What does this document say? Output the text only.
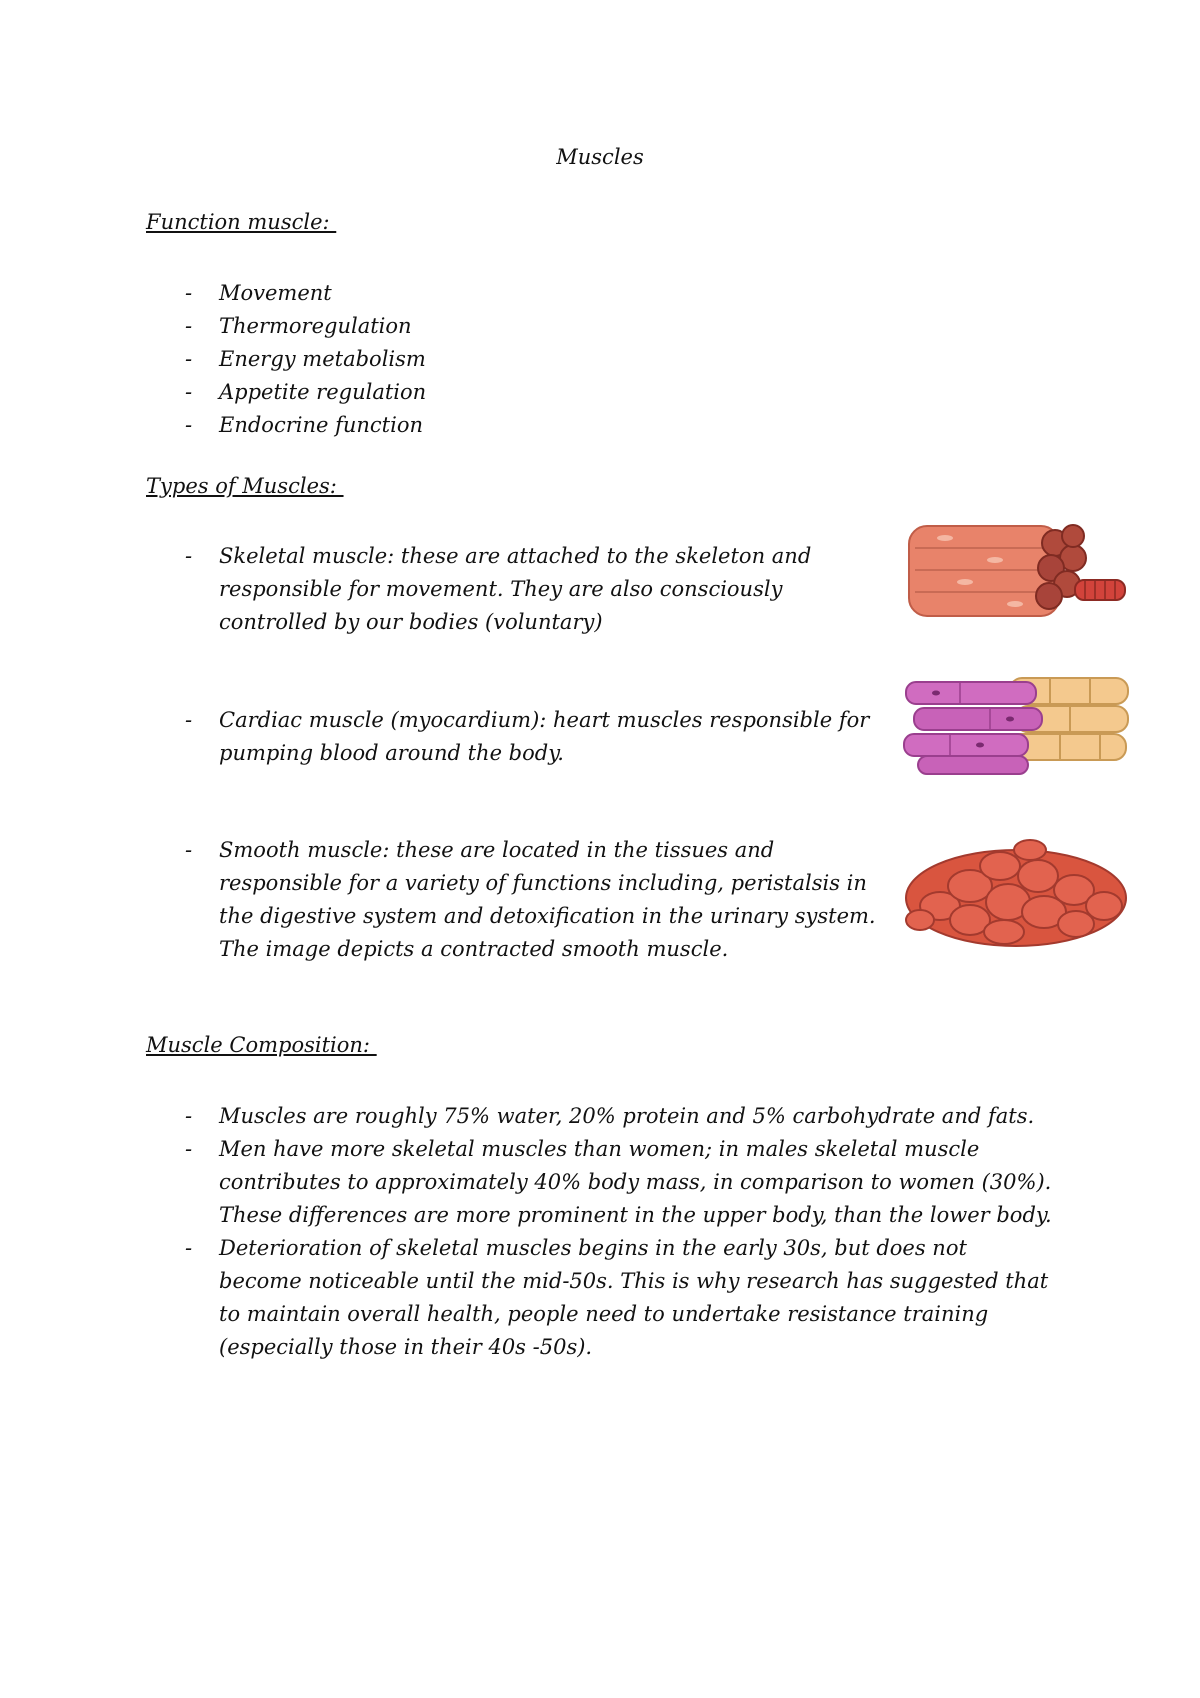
Muscles
Function muscle:
- Movement
- Thermoregulation
- Energy metabolism
- Appetite regulation
- Endocrine function
Types of Muscles:
- Skeletal muscle: these are attached to the skeleton and responsible for movement. They are also consciously controlled by our bodies (voluntary)
- Cardiac muscle (myocardium): heart muscles responsible for pumping blood around the body.
- Smooth muscle: these are located in the tissues and responsible for a variety of functions including, peristalsis in the digestive system and detoxification in the urinary system. The image depicts a contracted smooth muscle.
Muscle Composition:
- Muscles are roughly 75% water, 20% protein and 5% carbohydrate and fats.
- Men have more skeletal muscles than women; in males skeletal muscle contributes to approximately 40% body mass, in comparison to women (30%). These differences are more prominent in the upper body, than the lower body.
- Deterioration of skeletal muscles begins in the early 30s, but does not become noticeable until the mid-50s. This is why research has suggested that to maintain overall health, people need to undertake resistance training (especially those in their 40s -50s).
